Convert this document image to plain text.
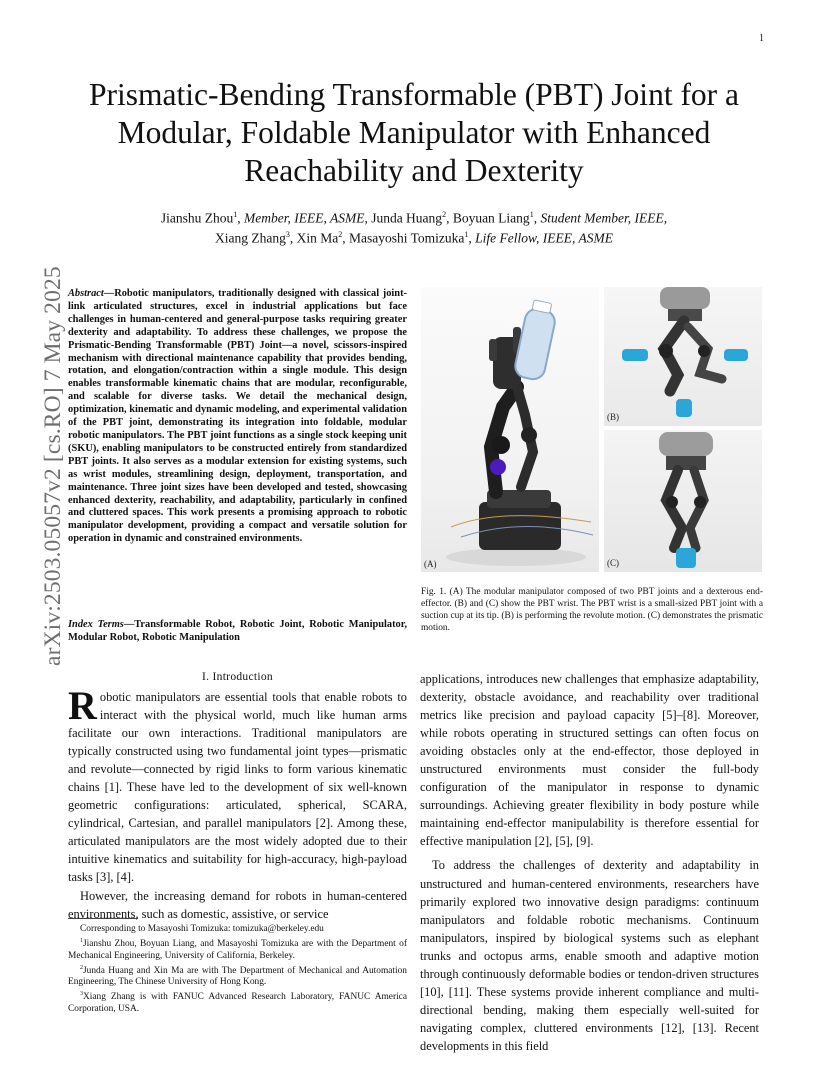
1
arXiv:2503.05057v2 [cs.RO] 7 May 2025
Prismatic-Bending Transformable (PBT) Joint for a
Modular, Foldable Manipulator with Enhanced
Reachability and Dexterity
Jianshu Zhou$^1$, Member, IEEE, ASME, Junda Huang$^2$, Boyuan Liang$^1$, Student Member, IEEE,
Xiang Zhang$^3$, Xin Ma$^2$, Masayoshi Tomizuka$^1$, Life Fellow, IEEE, ASME
Abstract—Robotic manipulators, traditionally designed with classical joint-link articulated structures, excel in industrial applications but face challenges in human-centered and general-purpose tasks requiring greater dexterity and adaptability. To address these challenges, we propose the Prismatic-Bending Transformable (PBT) Joint—a novel, scissors-inspired mechanism with directional maintenance capability that provides bending, rotation, and elongation/contraction within a single module. This design enables transformable kinematic chains that are modular, reconfigurable, and scalable for diverse tasks. We detail the mechanical design, optimization, kinematic and dynamic modeling, and experimental validation of the PBT joint, demonstrating its integration into foldable, modular robotic manipulators. The PBT joint functions as a single stock keeping unit (SKU), enabling manipulators to be constructed entirely from standardized PBT joints. It also serves as a modular extension for existing systems, such as wrist modules, streamlining design, deployment, transportation, and maintenance. Three joint sizes have been developed and tested, showcasing enhanced dexterity, reachability, and adaptability, particularly in confined and cluttered spaces. This work presents a promising approach to robotic manipulator development, providing a compact and versatile solution for operation in dynamic and constrained environments.
Index Terms—Transformable Robot, Robotic Joint, Robotic Manipulator, Modular Robot, Robotic Manipulation
I. Introduction

Robotic manipulators are essential tools that enable robots to interact with the physical world, much like human arms facilitate our own interactions. Traditional manipulators are typically constructed using two fundamental joint types—prismatic and revolute—connected by rigid links to form various kinematic chains [1]. These have led to the development of six well-known geometric configurations: articulated, spherical, SCARA, cylindrical, Cartesian, and parallel manipulators [2]. Among these, articulated manipulators are the most widely adopted due to their intuitive kinematics and suitability for high-accuracy, high-payload tasks [3], [4].

However, the increasing demand for robots in human-centered environments, such as domestic, assistive, or service

applications, introduces new challenges that emphasize adaptability, dexterity, obstacle avoidance, and reachability over traditional metrics like precision and payload capacity [5]–[8]. Moreover, while robots operating in structured settings can often focus on avoiding obstacles only at the end-effector, those deployed in unstructured environments must consider the full-body configuration of the manipulator in response to dynamic surroundings. Achieving greater flexibility in body posture while maintaining end-effector manipulability is therefore essential for effective manipulation [2], [5], [9].

To address the challenges of dexterity and adaptability in unstructured and human-centered environments, researchers have primarily explored two innovative design paradigms: continuum manipulators and foldable robotic mechanisms. Continuum manipulators, inspired by biological systems such as elephant trunks and octopus arms, enable smooth and adaptive motion through continuously deformable bodies or tendon-driven structures [10], [11]. These systems provide inherent compliance and multi-directional bending, making them especially well-suited for navigating complex, cluttered environments [12], [13]. Recent developments in this field

Corresponding to Masayoshi Tomizuka: tomizuka@berkeley.edu

$^1$Jianshu Zhou, Boyuan Liang, and Masayoshi Tomizuka are with the Department of Mechanical Engineering, University of California, Berkeley.

$^2$Junda Huang and Xin Ma are with The Department of Mechanical and Automation Engineering, The Chinese University of Hong Kong.

$^3$Xiang Zhang is with FANUC Advanced Research Laboratory, FANUC America Corporation, USA.

(A)
(B)
(C)
Fig. 1. (A) The modular manipulator composed of two PBT joints and a dexterous end-effector. (B) and (C) show the PBT wrist. The PBT wrist is a small-sized PBT joint with a suction cup at its tip. (B) is performing the revolute motion. (C) demonstrates the prismatic motion.
